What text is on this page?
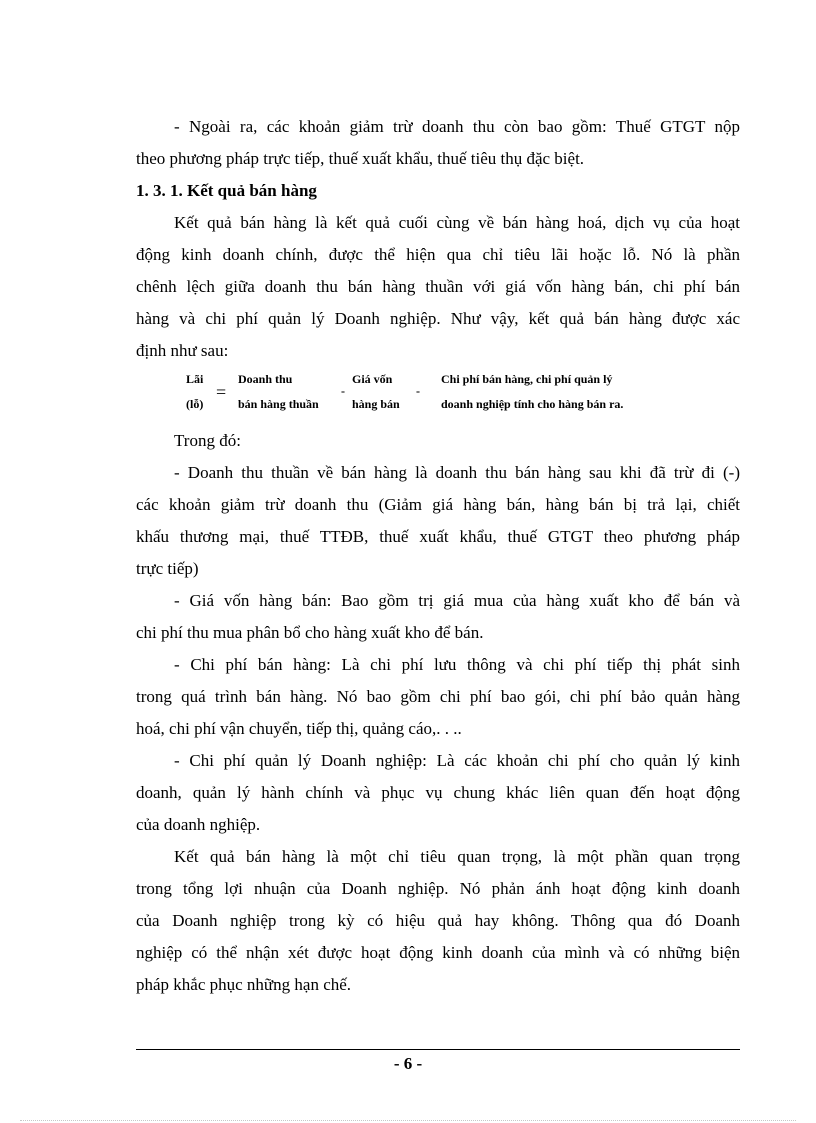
- Ngoài ra, các khoản giảm trừ doanh thu còn bao gồm: Thuế GTGT nộp
theo phương pháp trực tiếp, thuế xuất khẩu, thuế tiêu thụ đặc biệt.
1. 3. 1. Kết quả bán hàng
Kết quả bán hàng là kết quả cuối cùng về bán hàng hoá, dịch vụ của hoạt
động kinh doanh chính, được thể hiện qua chỉ tiêu lãi hoặc lỗ. Nó là phần
chênh lệch giữa doanh thu bán hàng thuần với giá vốn hàng bán, chi phí bán
hàng và chi phí quản lý Doanh nghiệp. Như vậy, kết quả bán hàng được xác
định như sau:
Lãi
(lỗ)
=
Doanh thu
bán hàng thuần
-
Giá vốn
hàng bán
-
Chi phí bán hàng, chi phí quản lý
doanh nghiệp tính cho hàng bán ra.
Trong đó:
- Doanh thu thuần về bán hàng là doanh thu bán hàng sau khi đã trừ đi (-)
các khoản giảm trừ doanh thu (Giảm giá hàng bán, hàng bán bị trả lại, chiết
khấu thương mại, thuế TTĐB, thuế xuất khẩu, thuế GTGT theo phương pháp
trực tiếp)
- Giá vốn hàng bán: Bao gồm trị giá mua của hàng xuất kho để bán và
chi phí thu mua phân bổ cho hàng xuất kho để bán.
- Chi phí bán hàng: Là chi phí lưu thông và chi phí tiếp thị phát sinh
trong quá trình bán hàng. Nó bao gồm chi phí bao gói, chi phí bảo quản hàng
hoá, chi phí vận chuyển, tiếp thị, quảng cáo,. . ..
- Chi phí quản lý Doanh nghiệp: Là các khoản chi phí cho quản lý kinh
doanh, quản lý hành chính và phục vụ chung khác liên quan đến hoạt động
của doanh nghiệp.
Kết quả bán hàng là một chỉ tiêu quan trọng, là một phần quan trọng
trong tổng lợi nhuận của Doanh nghiệp. Nó phản ánh hoạt động kinh doanh
của Doanh nghiệp trong kỳ có hiệu quả hay không. Thông qua đó Doanh
nghiệp có thể nhận xét được hoạt động kinh doanh của mình và có những biện
pháp khắc phục những hạn chế.
- 6 -
